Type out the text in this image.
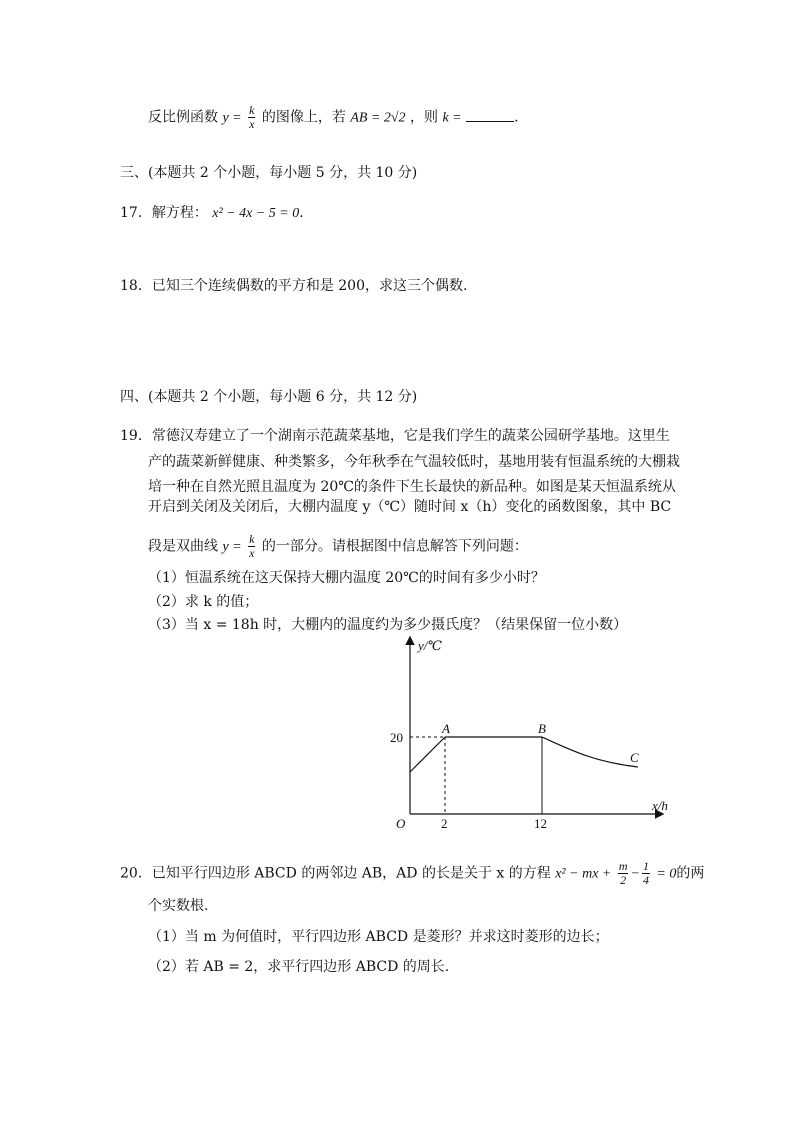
反比例函数 $y = \frac{k}{x}$ 的图像上，若 AB = 2√2 ，则 k =	.
三、(本题共 2 个小题，每小题 5 分，共 10 分)
17．解方程： x² − 4x − 5 = 0.
18．已知三个连续偶数的平方和是 200，求这三个偶数.
四、(本题共 2 个小题，每小题 6 分，共 12 分)
19．常德汉寿建立了一个湖南示范蔬菜基地，它是我们学生的蔬菜公园研学基地。这里生
产的蔬菜新鲜健康、种类繁多，今年秋季在气温较低时，基地用装有恒温系统的大棚栽
培一种在自然光照且温度为 20℃的条件下生长最快的新品种。如图是某天恒温系统从
开启到关闭及关闭后，大棚内温度 y（℃）随时间 x（h）变化的函数图象，其中 BC
段是双曲线 $y = \frac{k}{x}$ 的一部分。请根据图中信息解答下列问题：
（1）恒温系统在这天保持大棚内温度 20℃的时间有多少小时？
（2）求 k 的值；
（3）当 x = 18h 时，大棚内的温度约为多少摄氏度？（结果保留一位小数）
y/℃
x/h
O	2	12
20
A	B
C
20．已知平行四边形 ABCD 的两邻边 AB，AD 的长是关于 x 的方程 x² − mx + $\frac{m}{2} - \frac{1}{4} = 0$的两
个实数根.
（1）当 m 为何值时，平行四边形 ABCD 是菱形？并求这时菱形的边长；
（2）若 AB = 2，求平行四边形 ABCD 的周长.
